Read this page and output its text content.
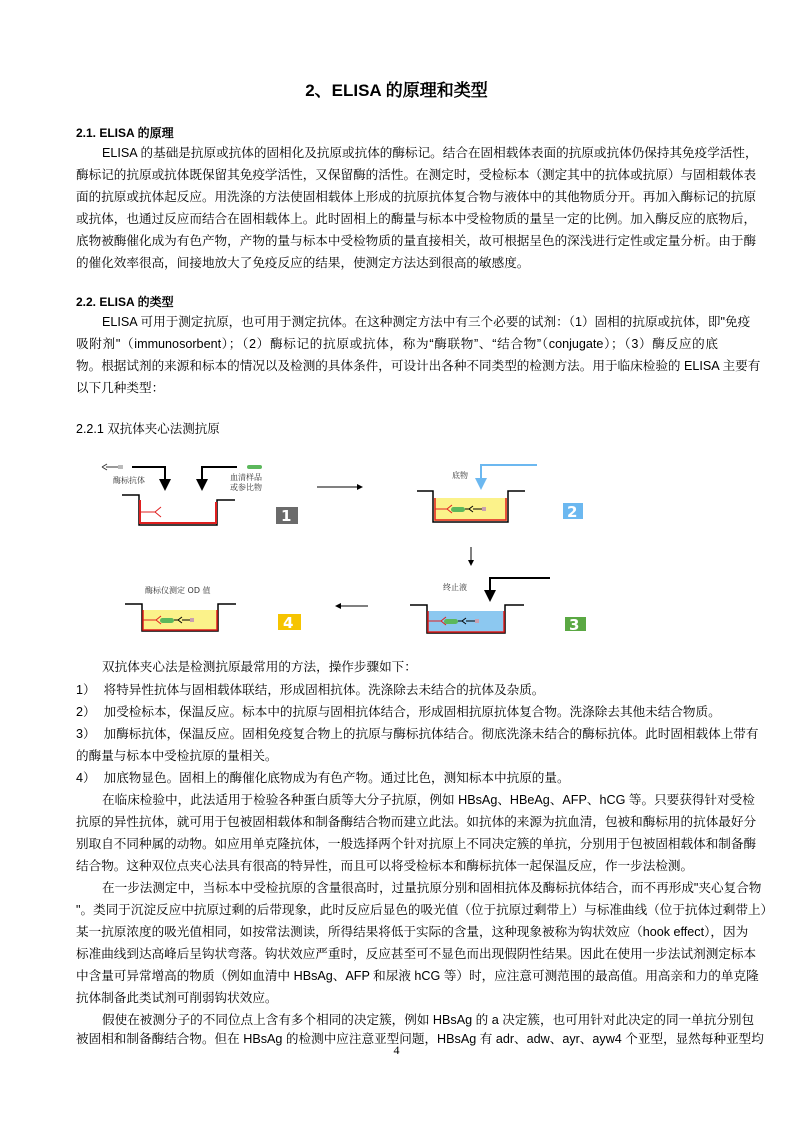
2、ELISA 的原理和类型
2.1. ELISA 的原理
ELISA 的基础是抗原或抗体的固相化及抗原或抗体的酶标记。结合在固相载体表面的抗原或抗体仍保持其免疫学活性，
酶标记的抗原或抗体既保留其免疫学活性，又保留酶的活性。在测定时，受检标本（测定其中的抗体或抗原）与固相载体表
面的抗原或抗体起反应。用洗涤的方法使固相载体上形成的抗原抗体复合物与液体中的其他物质分开。再加入酶标记的抗原
或抗体，也通过反应而结合在固相载体上。此时固相上的酶量与标本中受检物质的量呈一定的比例。加入酶反应的底物后，
底物被酶催化成为有色产物，产物的量与标本中受检物质的量直接相关，故可根据呈色的深浅进行定性或定量分析。由于酶
的催化效率很高，间接地放大了免疫反应的结果，使测定方法达到很高的敏感度。
2.2. ELISA 的类型
ELISA 可用于测定抗原，也可用于测定抗体。在这种测定方法中有三个必要的试剂：（1）固相的抗原或抗体，即"免疫
吸附剂"（immunosorbent）；（2）酶标记的抗原或抗体，称为“酶联物”、“结合物”（conjugate）；（3）酶反应的底
物。根据试剂的来源和标本的情况以及检测的具体条件，可设计出各种不同类型的检测方法。用于临床检验的 ELISA 主要有
以下几种类型：
2.2.1 双抗体夹心法测抗原
酶标抗体	血清样品
或参比物
1
底物
2
终止液
3
酶标仪测定 OD 值
4
双抗体夹心法是检测抗原最常用的方法，操作步骤如下：
1） 将特异性抗体与固相载体联结，形成固相抗体。洗涤除去未结合的抗体及杂质。
2） 加受检标本，保温反应。标本中的抗原与固相抗体结合，形成固相抗原抗体复合物。洗涤除去其他未结合物质。
3） 加酶标抗体，保温反应。固相免疫复合物上的抗原与酶标抗体结合。彻底洗涤未结合的酶标抗体。此时固相载体上带有
的酶量与标本中受检抗原的量相关。
4） 加底物显色。固相上的酶催化底物成为有色产物。通过比色，测知标本中抗原的量。
在临床检验中，此法适用于检验各种蛋白质等大分子抗原，例如 HBsAg、HBeAg、AFP、hCG 等。只要获得针对受检
抗原的异性抗体，就可用于包被固相载体和制备酶结合物而建立此法。如抗体的来源为抗血清，包被和酶标用的抗体最好分
别取自不同种属的动物。如应用单克隆抗体，一般选择两个针对抗原上不同决定簇的单抗，分别用于包被固相载体和制备酶
结合物。这种双位点夹心法具有很高的特异性，而且可以将受检标本和酶标抗体一起保温反应，作一步法检测。
在一步法测定中，当标本中受检抗原的含量很高时，过量抗原分别和固相抗体及酶标抗体结合，而不再形成"夹心复合物
"。类同于沉淀反应中抗原过剩的后带现象，此时反应后显色的吸光值（位于抗原过剩带上）与标准曲线（位于抗体过剩带上）
某一抗原浓度的吸光值相同，如按常法测读，所得结果将低于实际的含量，这种现象被称为钩状效应（hook effect），因为
标准曲线到达高峰后呈钩状弯落。钩状效应严重时，反应甚至可不显色而出现假阴性结果。因此在使用一步法试剂测定标本
中含量可异常增高的物质（例如血清中 HBsAg、AFP 和尿液 hCG 等）时，应注意可测范围的最高值。用高亲和力的单克隆
抗体制备此类试剂可削弱钩状效应。
假使在被测分子的不同位点上含有多个相同的决定簇，例如 HBsAg 的 a 决定簇，也可用针对此决定的同一单抗分别包
被固相和制备酶结合物。但在 HBsAg 的检测中应注意亚型问题，HBsAg 有 adr、adw、ayr、ayw4 个亚型，显然每种亚型均
4
